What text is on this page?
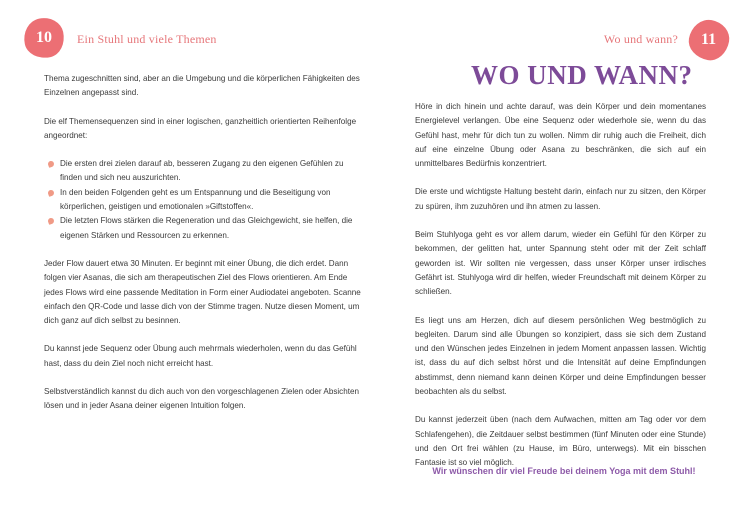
10 Ein Stuhl und viele Themen

Thema zugeschnitten sind, aber an die Umgebung und die körperlichen Fähigkeiten des Einzelnen angepasst sind.

Die elf Themensequenzen sind in einer logischen, ganzheitlich orientierten Reihenfolge angeordnet:

Die ersten drei zielen darauf ab, besseren Zugang zu den eigenen Gefühlen zu finden und sich neu auszurichten.
In den beiden Folgenden geht es um Entspannung und die Beseitigung von körperlichen, geistigen und emotionalen »Giftstoffen«.
Die letzten Flows stärken die Regeneration und das Gleichgewicht, sie helfen, die eigenen Stärken und Ressourcen zu erkennen.

Jeder Flow dauert etwa 30 Minuten. Er beginnt mit einer Übung, die dich erdet. Dann folgen vier Asanas, die sich am therapeutischen Ziel des Flows orientieren. Am Ende jedes Flows wird eine passende Meditation in Form einer Audiodatei angeboten. Scanne einfach den QR-Code und lasse dich von der Stimme tragen. Nutze diesen Moment, um dich ganz auf dich selbst zu besinnen.

Du kannst jede Sequenz oder Übung auch mehrmals wiederholen, wenn du das Gefühl hast, dass du dein Ziel noch nicht erreicht hast.

Selbstverständlich kannst du dich auch von den vorgeschlagenen Zielen oder Absichten lösen und in jeder Asana deiner eigenen Intuition folgen.

Wo und wann? 11
WO UND WANN?

Höre in dich hinein und achte darauf, was dein Körper und dein momentanes Energielevel verlangen. Übe eine Sequenz oder wiederhole sie, wenn du das Gefühl hast, mehr für dich tun zu wollen. Nimm dir ruhig auch die Freiheit, dich auf eine einzelne Übung oder Asana zu beschränken, die sich auf ein unmittelbares Bedürfnis konzentriert.

Die erste und wichtigste Haltung besteht darin, einfach nur zu sitzen, den Körper zu spüren, ihm zuzuhören und ihn atmen zu lassen.

Beim Stuhlyoga geht es vor allem darum, wieder ein Gefühl für den Körper zu bekommen, der gelitten hat, unter Spannung steht oder mit der Zeit schlaff geworden ist. Wir sollten nie vergessen, dass unser Körper unser irdisches Gefährt ist. Stuhlyoga wird dir helfen, wieder Freundschaft mit deinem Körper zu schließen.

Es liegt uns am Herzen, dich auf diesem persönlichen Weg bestmöglich zu begleiten. Darum sind alle Übungen so konzipiert, dass sie sich dem Zustand und den Wünschen jedes Einzelnen in jedem Moment anpassen lassen. Wichtig ist, dass du auf dich selbst hörst und die Intensität auf deine Empfindungen abstimmst, denn niemand kann deinen Körper und deine Empfindungen besser beobachten als du selbst.

Du kannst jederzeit üben (nach dem Aufwachen, mitten am Tag oder vor dem Schlafengehen), die Zeitdauer selbst bestimmen (fünf Minuten oder eine Stunde) und den Ort frei wählen (zu Hause, im Büro, unterwegs). Mit ein bisschen Fantasie ist so viel möglich.

Wir wünschen dir viel Freude bei deinem Yoga mit dem Stuhl!
